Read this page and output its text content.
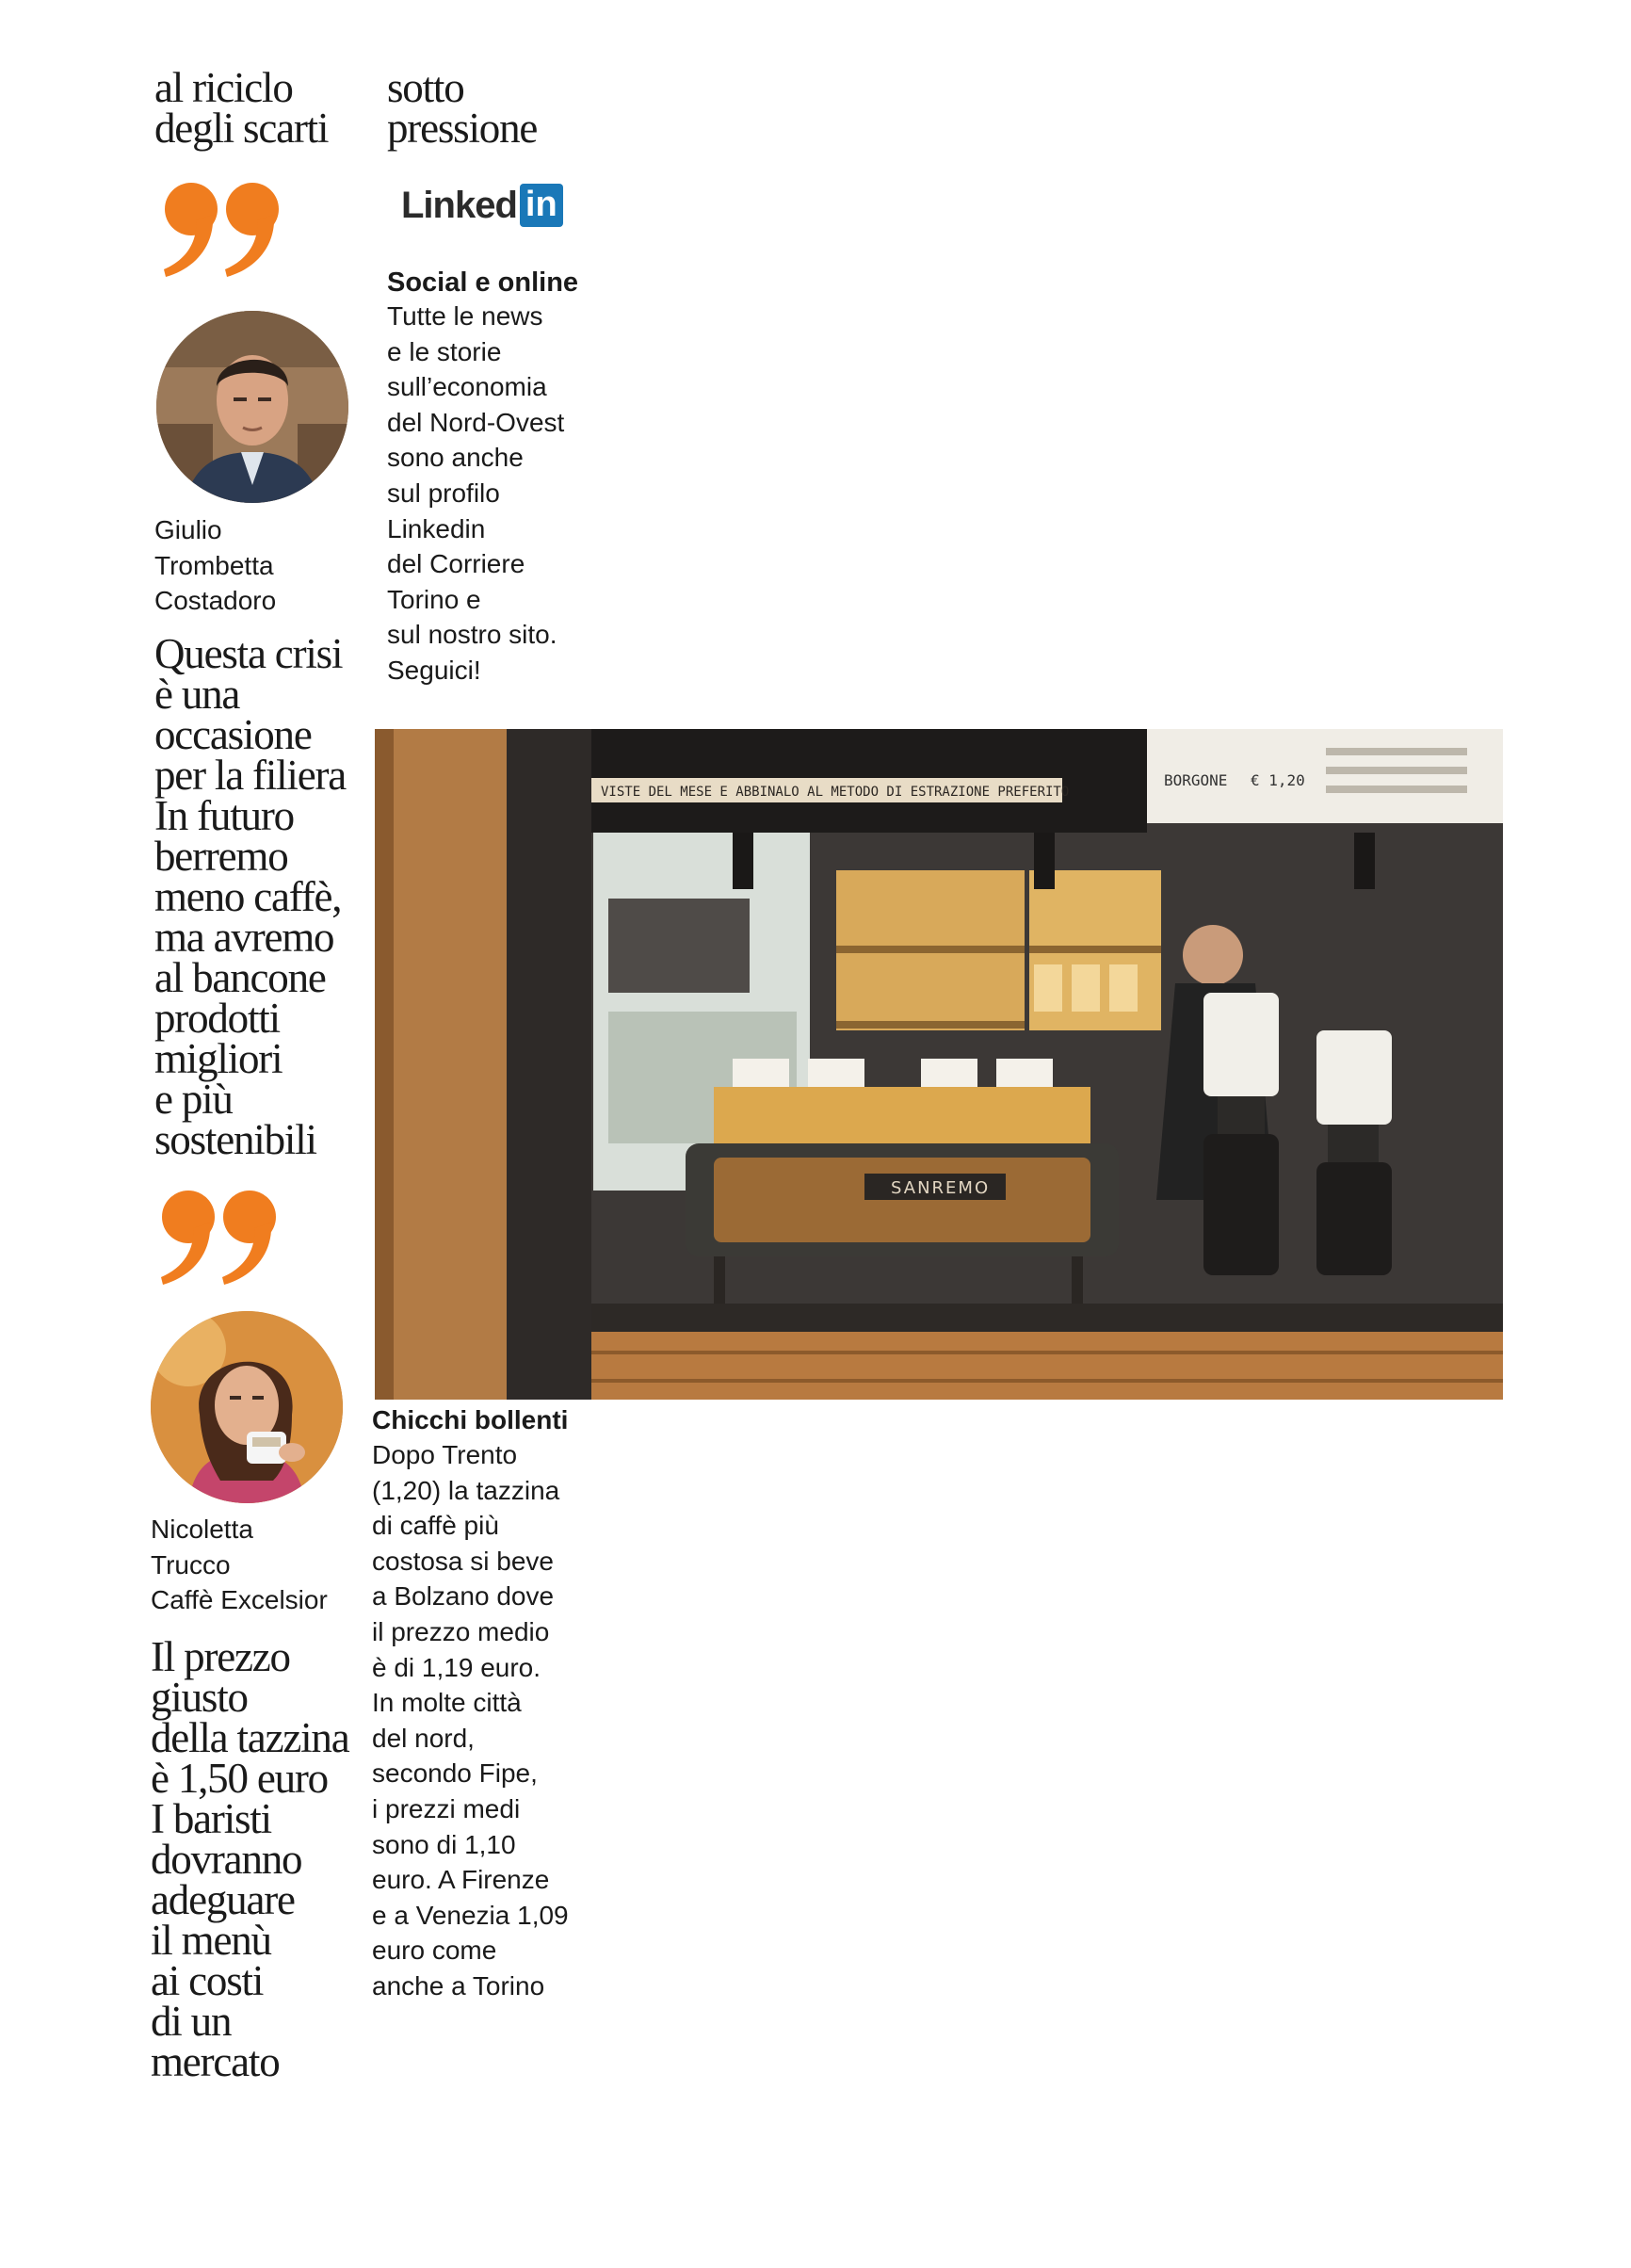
al riciclo
degli scarti
sotto
pressione
Giulio
Trombetta
Costadoro
Questa crisi
è una
occasione
per la filiera
In futuro
berremo
meno caffè,
ma avremo
al bancone
prodotti
migliori
e più
sostenibili
Nicoletta
Trucco
Caffè Excelsior
Il prezzo
giusto
della tazzina
è 1,50 euro
I baristi
dovranno
adeguare
il menù
ai costi
di un
mercato
Linked in
Social e online
Tutte le news
e le storie
sull’economia
del Nord-Ovest
sono anche
sul profilo
Linkedin
del Corriere
Torino e
sul nostro sito.
Seguici!
VISTE DEL MESE E ABBINALO AL METODO DI ESTRAZIONE PREFERITO
BORGONE € 1,20
SANREMO
Chicchi bollenti
Dopo Trento
(1,20) la tazzina
di caffè più
costosa si beve
a Bolzano dove
il prezzo medio
è di 1,19 euro.
In molte città
del nord,
secondo Fipe,
i prezzi medi
sono di 1,10
euro. A Firenze
e a Venezia 1,09
euro come
anche a Torino
